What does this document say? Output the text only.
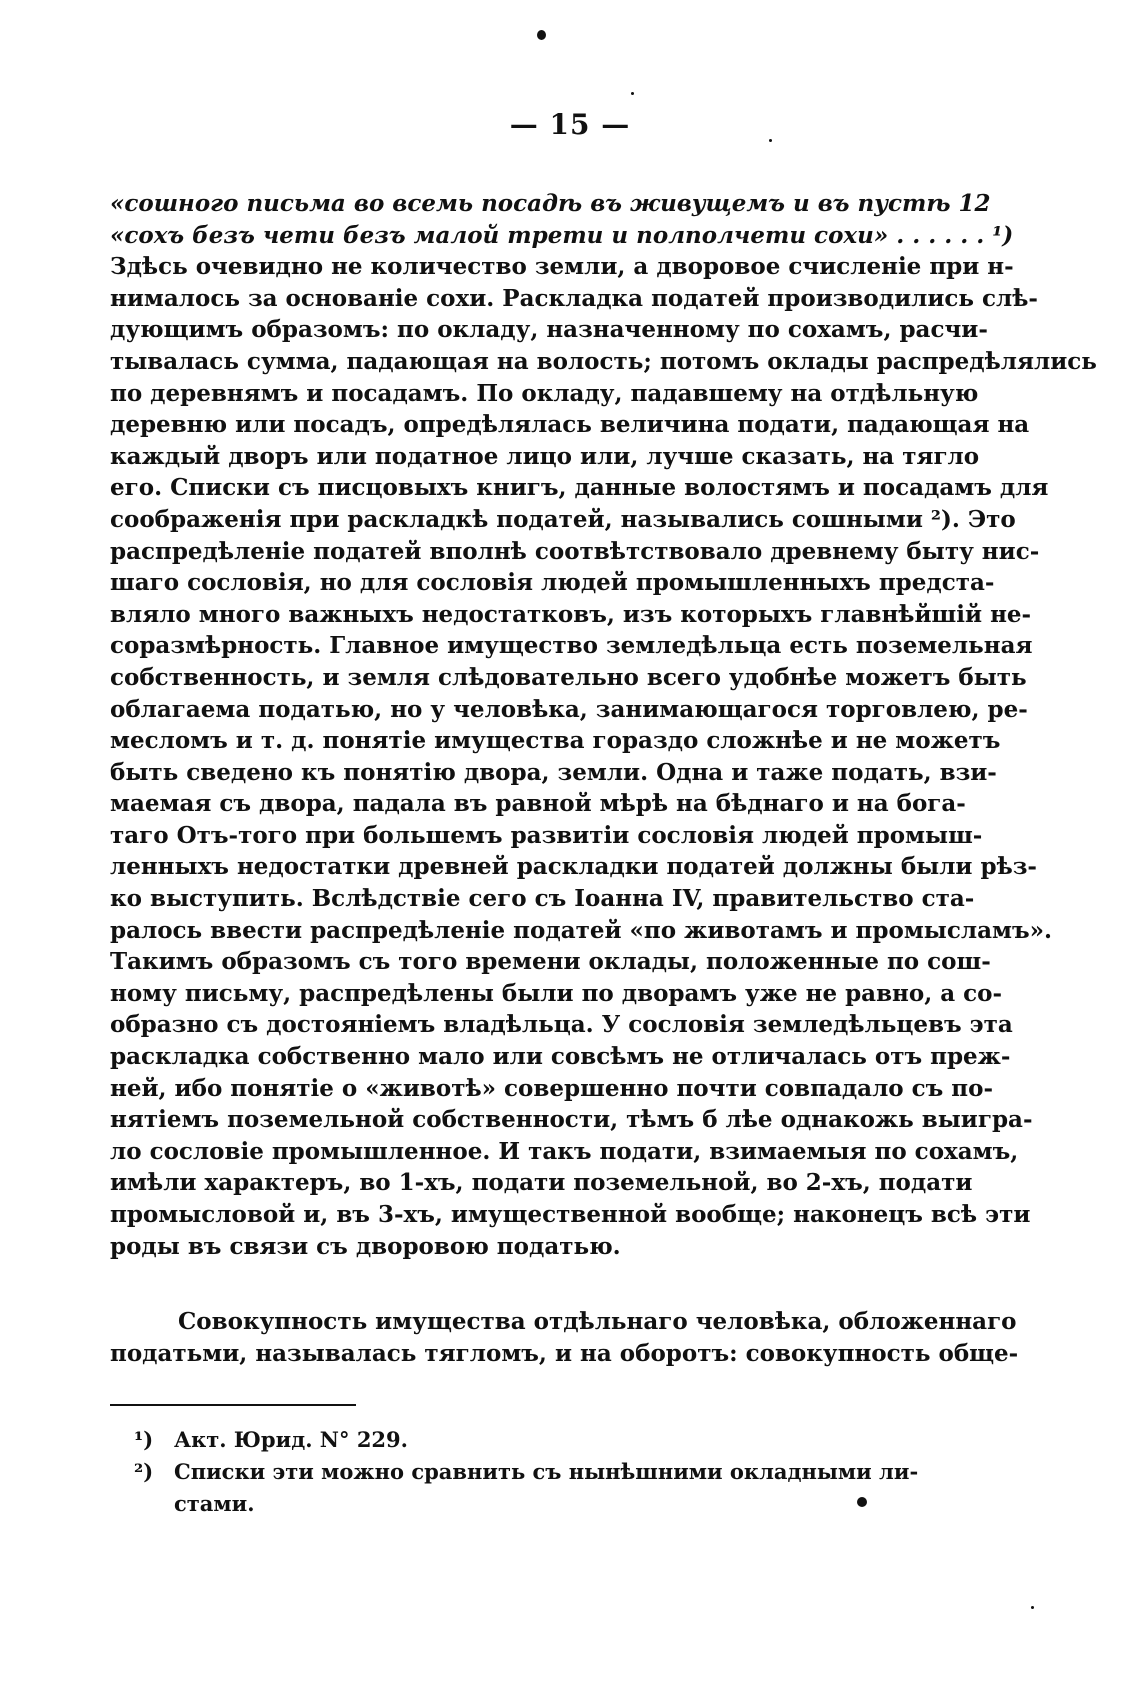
— 15 —
«сошного письма во всемь посадѣ въ живущемъ и въ пустѣ 12
«сохъ безъ чети безъ малой трети и полполчети сохи» . . . . . . ¹)
Здѣсь очевидно не количество земли, а дворовое счисленіе при н-
нималось за основаніе сохи. Раскладка податей производились слѣ-
дующимъ образомъ: по окладу, назначенному по сохамъ, расчи-
тывалась сумма, падающая на волость; потомъ оклады распредѣлялись
по деревнямъ и посадамъ. По окладу, падавшему на отдѣльную
деревню или посадъ, опредѣлялась величина подати, падающая на
каждый дворъ или податное лицо или, лучше сказать, на тягло
его. Списки съ писцовыхъ книгъ, данные волостямъ и посадамъ для
соображенія при раскладкѣ податей, назывались сошными ²). Это
распредѣленіе податей вполнѣ соотвѣтствовало древнему быту нис-
шаго сословія, но для сословія людей промышленныхъ предста-
вляло много важныхъ недостатковъ, изъ которыхъ главнѣйшій не-
соразмѣрность. Главное имущество земледѣльца есть поземельная
собственность, и земля слѣдовательно всего удобнѣе можетъ быть
облагаема податью, но у человѣка, занимающагося торговлею, ре-
месломъ и т. д. понятіе имущества гораздо сложнѣе и не можетъ
быть сведено къ понятію двора, земли. Одна и таже подать, взи-
маемая съ двора, падала въ равной мѣрѣ на бѣднаго и на бога-
таго Отъ-того при большемъ развитіи сословія людей промыш-
ленныхъ недостатки древней раскладки податей должны были рѣз-
ко выступить. Вслѣдствіе сего съ Іоанна IV, правительство ста-
ралось ввести распредѣленіе податей «по животамъ и промысламъ».
Такимъ образомъ съ того времени оклады, положенные по сош-
ному письму, распредѣлены были по дворамъ уже не равно, а со-
образно съ достояніемъ владѣльца. У сословія земледѣльцевъ эта
раскладка собственно мало или совсѣмъ не отличалась отъ преж-
ней, ибо понятіе о «животѣ» совершенно почти совпадало съ по-
нятіемъ поземельной собственности, тѣмъ б лѣе однакожь выигра-
ло сословіе промышленное. И такъ подати, взимаемыя по сохамъ,
имѣли характеръ, во 1-хъ, подати поземельной, во 2-хъ, подати
промысловой и, въ 3-хъ, имущественной вообще; наконецъ всѣ эти
роды въ связи съ дворовою податью.
Совокупность имущества отдѣльнаго человѣка, обложеннаго
податьми, называлась тягломъ, и на оборотъ: совокупность обще-
¹) Акт. Юрид. N° 229.
²) Списки эти можно сравнить съ нынѣшними окладными ли-
стами.
